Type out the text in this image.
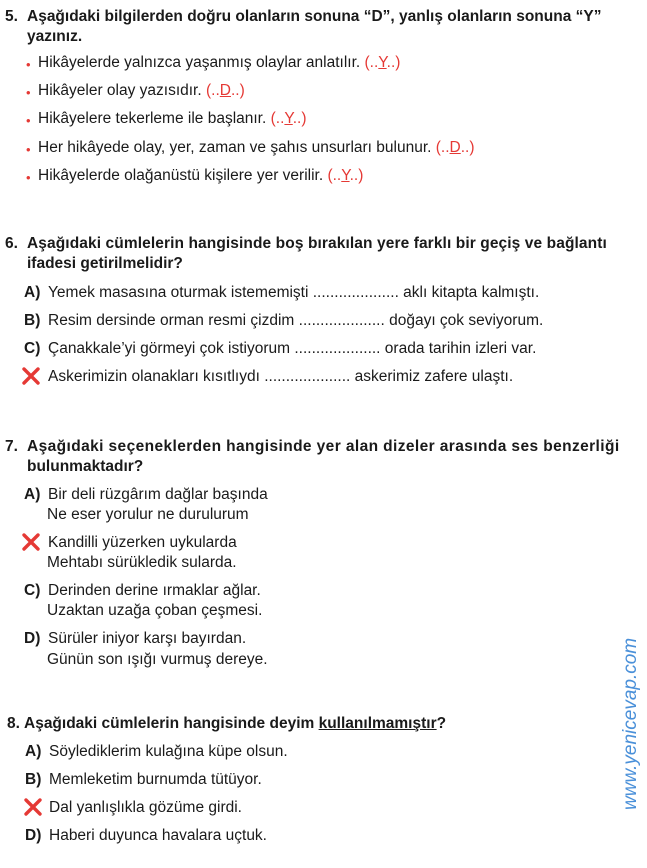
5. Aşağıdaki bilgilerden doğru olanların sonuna “D”, yanlış olanların sonuna “Y”
yazınız.
• Hikâyelerde yalnızca yaşanmış olaylar anlatılır. (..Y..)
• Hikâyeler olay yazısıdır. (..D..)
• Hikâyelere tekerleme ile başlanır. (..Y..)
• Her hikâyede olay, yer, zaman ve şahıs unsurları bulunur. (..D..)
• Hikâyelerde olağanüstü kişilere yer verilir. (..Y..)
6. Aşağıdaki cümlelerin hangisinde boş bırakılan yere farklı bir geçiş ve bağlantı
ifadesi getirilmelidir?
A) Yemek masasına oturmak istememişti .................... aklı kitapta kalmıştı.
B) Resim dersinde orman resmi çizdim .................... doğayı çok seviyorum.
C) Çanakkale’yi görmeyi çok istiyorum .................... orada tarihin izleri var.
Askerimizin olanakları kısıtlıydı .................... askerimiz zafere ulaştı.
7. Aşağıdaki seçeneklerden hangisinde yer alan dizeler arasında ses benzerliği
bulunmaktadır?
A) Bir deli rüzgârım dağlar başında
Ne eser yorulur ne durulurum
Kandilli yüzerken uykularda
Mehtabı sürükledik sularda.
C) Derinden derine ırmaklar ağlar.
Uzaktan uzağa çoban çeşmesi.
D) Sürüler iniyor karşı bayırdan.
Günün son ışığı vurmuş dereye.
8. Aşağıdaki cümlelerin hangisinde deyim kullanılmamıştır?
A) Söylediklerim kulağına küpe olsun.
B) Memleketim burnumda tütüyor.
Dal yanlışlıkla gözüme girdi.
D) Haberi duyunca havalara uçtuk.
www.yenicevap.com
